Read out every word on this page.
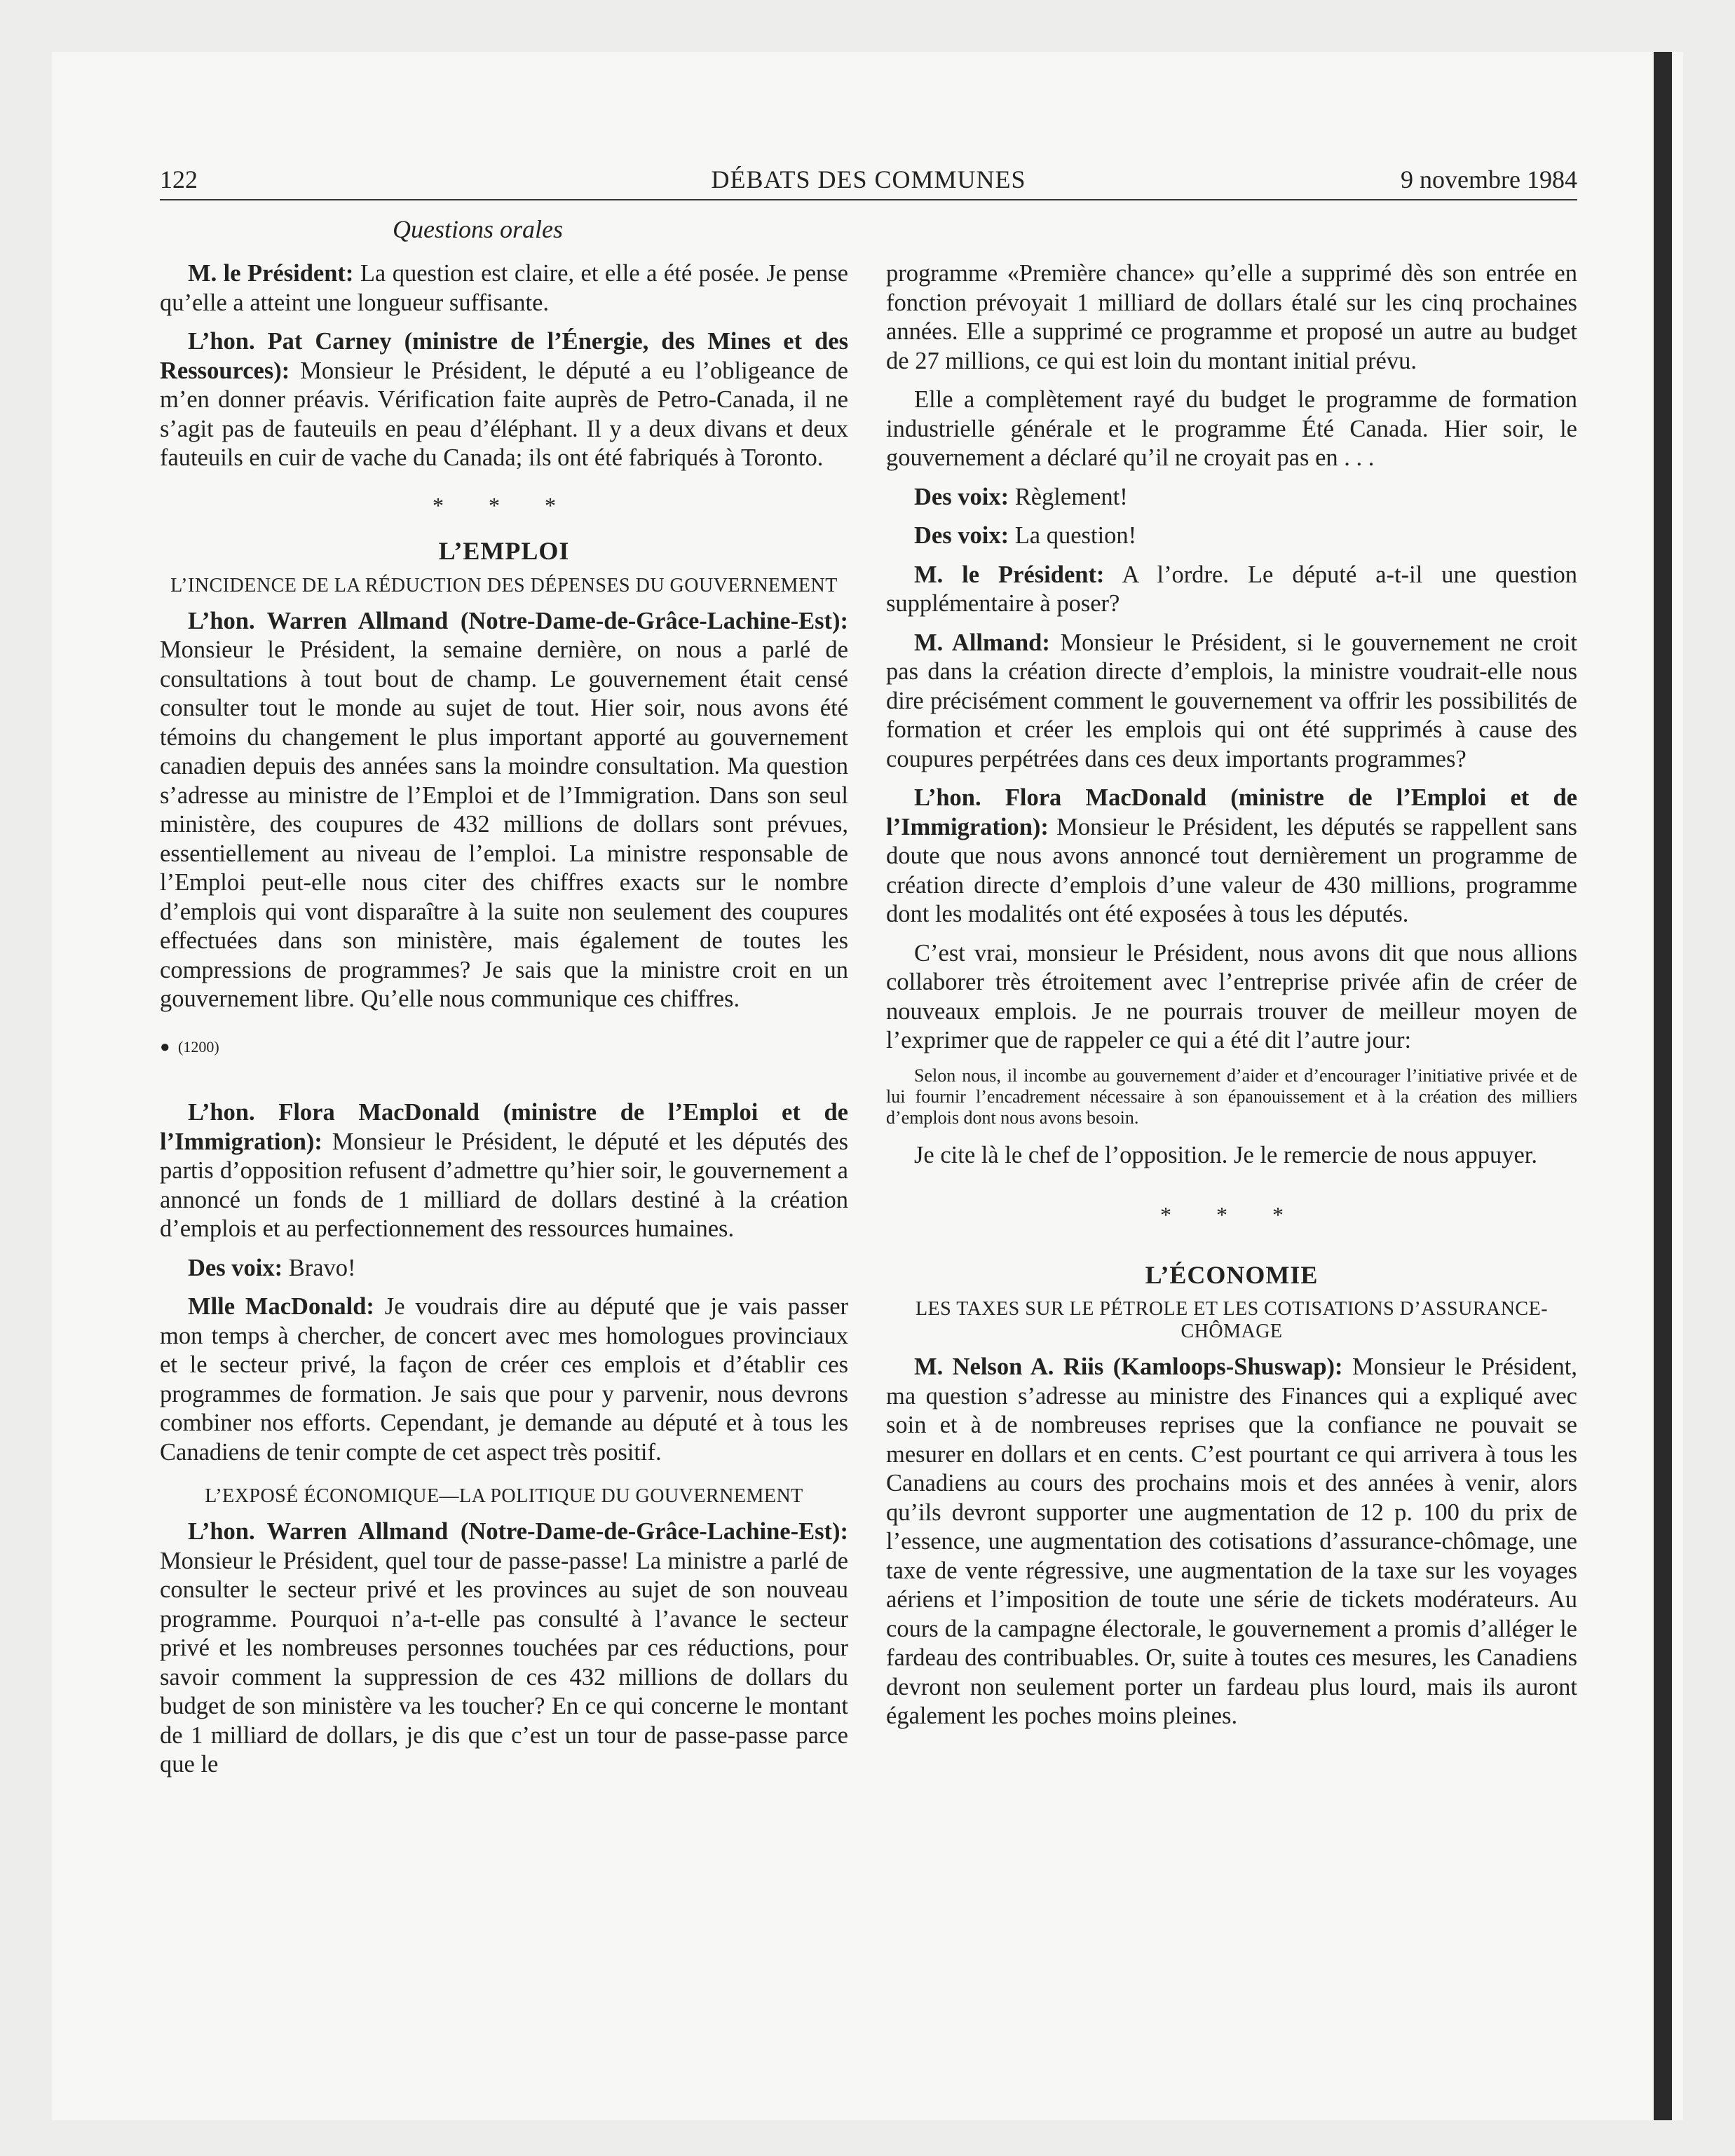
122	DÉBATS DES COMMUNES	9 novembre 1984
Questions orales

M. le Président: La question est claire, et elle a été posée. Je pense qu’elle a atteint une longueur suffisante.

L’hon. Pat Carney (ministre de l’Énergie, des Mines et des Ressources): Monsieur le Président, le député a eu l’obligeance de m’en donner préavis. Vérification faite auprès de Petro-Canada, il ne s’agit pas de fauteuils en peau d’éléphant. Il y a deux divans et deux fauteuils en cuir de vache du Canada; ils ont été fabriqués à Toronto.

* * *
L’EMPLOI
L’INCIDENCE DE LA RÉDUCTION DES DÉPENSES DU GOUVERNEMENT

L’hon. Warren Allmand (Notre-Dame-de-Grâce-Lachine-Est): Monsieur le Président, la semaine dernière, on nous a parlé de consultations à tout bout de champ. Le gouvernement était censé consulter tout le monde au sujet de tout. Hier soir, nous avons été témoins du changement le plus important apporté au gouvernement canadien depuis des années sans la moindre consultation. Ma question s’adresse au ministre de l’Emploi et de l’Immigration. Dans son seul ministère, des coupures de 432 millions de dollars sont prévues, essentiellement au niveau de l’emploi. La ministre responsable de l’Emploi peut-elle nous citer des chiffres exacts sur le nombre d’emplois qui vont disparaître à la suite non seulement des coupures effectuées dans son ministère, mais également de toutes les compressions de programmes? Je sais que la ministre croit en un gouvernement libre. Qu’elle nous communique ces chiffres.

● (1200)

L’hon. Flora MacDonald (ministre de l’Emploi et de l’Immigration): Monsieur le Président, le député et les députés des partis d’opposition refusent d’admettre qu’hier soir, le gouvernement a annoncé un fonds de 1 milliard de dollars destiné à la création d’emplois et au perfectionnement des ressources humaines.

Des voix: Bravo!

Mlle MacDonald: Je voudrais dire au député que je vais passer mon temps à chercher, de concert avec mes homologues provinciaux et le secteur privé, la façon de créer ces emplois et d’établir ces programmes de formation. Je sais que pour y parvenir, nous devrons combiner nos efforts. Cependant, je demande au député et à tous les Canadiens de tenir compte de cet aspect très positif.

L’EXPOSÉ ÉCONOMIQUE—LA POLITIQUE DU GOUVERNEMENT

L’hon. Warren Allmand (Notre-Dame-de-Grâce-Lachine-Est): Monsieur le Président, quel tour de passe-passe! La ministre a parlé de consulter le secteur privé et les provinces au sujet de son nouveau programme. Pourquoi n’a-t-elle pas consulté à l’avance le secteur privé et les nombreuses personnes touchées par ces réductions, pour savoir comment la suppression de ces 432 millions de dollars du budget de son ministère va les toucher? En ce qui concerne le montant de 1 milliard de dollars, je dis que c’est un tour de passe-passe parce que le

programme «Première chance» qu’elle a supprimé dès son entrée en fonction prévoyait 1 milliard de dollars étalé sur les cinq prochaines années. Elle a supprimé ce programme et proposé un autre au budget de 27 millions, ce qui est loin du montant initial prévu.

Elle a complètement rayé du budget le programme de formation industrielle générale et le programme Été Canada. Hier soir, le gouvernement a déclaré qu’il ne croyait pas en . . .

Des voix: Règlement!

Des voix: La question!

M. le Président: A l’ordre. Le député a-t-il une question supplémentaire à poser?

M. Allmand: Monsieur le Président, si le gouvernement ne croit pas dans la création directe d’emplois, la ministre voudrait-elle nous dire précisément comment le gouvernement va offrir les possibilités de formation et créer les emplois qui ont été supprimés à cause des coupures perpétrées dans ces deux importants programmes?

L’hon. Flora MacDonald (ministre de l’Emploi et de l’Immigration): Monsieur le Président, les députés se rappellent sans doute que nous avons annoncé tout dernièrement un programme de création directe d’emplois d’une valeur de 430 millions, programme dont les modalités ont été exposées à tous les députés.

C’est vrai, monsieur le Président, nous avons dit que nous allions collaborer très étroitement avec l’entreprise privée afin de créer de nouveaux emplois. Je ne pourrais trouver de meilleur moyen de l’exprimer que de rappeler ce qui a été dit l’autre jour:

Selon nous, il incombe au gouvernement d’aider et d’encourager l’initiative privée et de lui fournir l’encadrement nécessaire à son épanouissement et à la création des milliers d’emplois dont nous avons besoin.

Je cite là le chef de l’opposition. Je le remercie de nous appuyer.

* * *
L’ÉCONOMIE
LES TAXES SUR LE PÉTROLE ET LES COTISATIONS D’ASSURANCE-CHÔMAGE

M. Nelson A. Riis (Kamloops-Shuswap): Monsieur le Président, ma question s’adresse au ministre des Finances qui a expliqué avec soin et à de nombreuses reprises que la confiance ne pouvait se mesurer en dollars et en cents. C’est pourtant ce qui arrivera à tous les Canadiens au cours des prochains mois et des années à venir, alors qu’ils devront supporter une augmentation de 12 p. 100 du prix de l’essence, une augmentation des cotisations d’assurance-chômage, une taxe de vente régressive, une augmentation de la taxe sur les voyages aériens et l’imposition de toute une série de tickets modérateurs. Au cours de la campagne électorale, le gouvernement a promis d’alléger le fardeau des contribuables. Or, suite à toutes ces mesures, les Canadiens devront non seulement porter un fardeau plus lourd, mais ils auront également les poches moins pleines.
